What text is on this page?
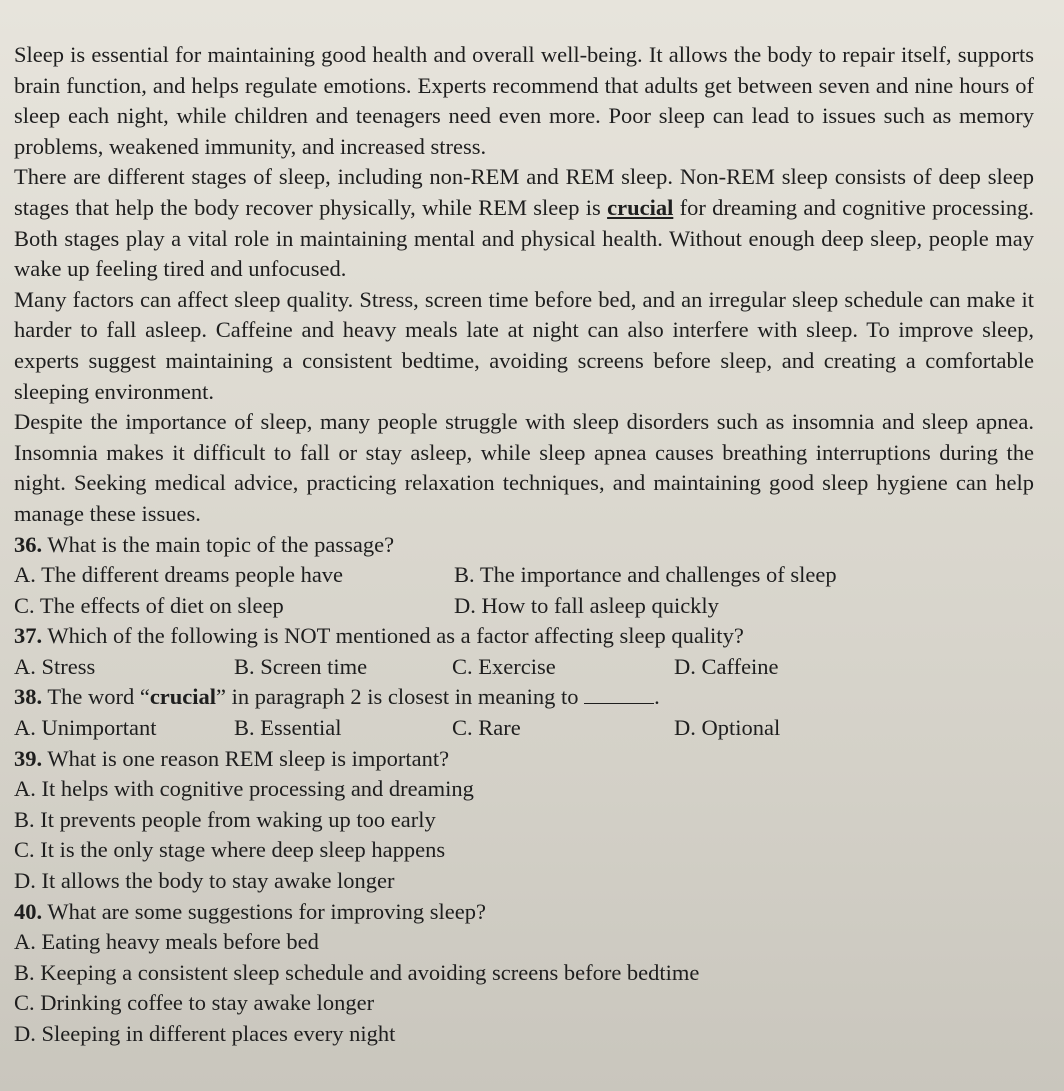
Sleep is essential for maintaining good health and overall well-being. It allows the body to repair itself, supports brain function, and helps regulate emotions. Experts recommend that adults get between seven and nine hours of sleep each night, while children and teenagers need even more. Poor sleep can lead to issues such as memory problems, weakened immunity, and increased stress.

There are different stages of sleep, including non-REM and REM sleep. Non-REM sleep consists of deep sleep stages that help the body recover physically, while REM sleep is crucial for dreaming and cognitive processing. Both stages play a vital role in maintaining mental and physical health. Without enough deep sleep, people may wake up feeling tired and unfocused.

Many factors can affect sleep quality. Stress, screen time before bed, and an irregular sleep schedule can make it harder to fall asleep. Caffeine and heavy meals late at night can also interfere with sleep. To improve sleep, experts suggest maintaining a consistent bedtime, avoiding screens before sleep, and creating a comfortable sleeping environment.

Despite the importance of sleep, many people struggle with sleep disorders such as insomnia and sleep apnea. Insomnia makes it difficult to fall or stay asleep, while sleep apnea causes breathing interruptions during the night. Seeking medical advice, practicing relaxation techniques, and maintaining good sleep hygiene can help manage these issues.

36. What is the main topic of the passage?

A. The different dreams people have	B. The importance and challenges of sleep
C. The effects of diet on sleep	D. How to fall asleep quickly

37. Which of the following is NOT mentioned as a factor affecting sleep quality?

A. Stress	B. Screen time	C. Exercise	D. Caffeine

38. The word “crucial” in paragraph 2 is closest in meaning to	.

A. Unimportant	B. Essential	C. Rare	D. Optional

39. What is one reason REM sleep is important?

A. It helps with cognitive processing and dreaming

B. It prevents people from waking up too early

C. It is the only stage where deep sleep happens

D. It allows the body to stay awake longer

40. What are some suggestions for improving sleep?

A. Eating heavy meals before bed

B. Keeping a consistent sleep schedule and avoiding screens before bedtime

C. Drinking coffee to stay awake longer

D. Sleeping in different places every night
